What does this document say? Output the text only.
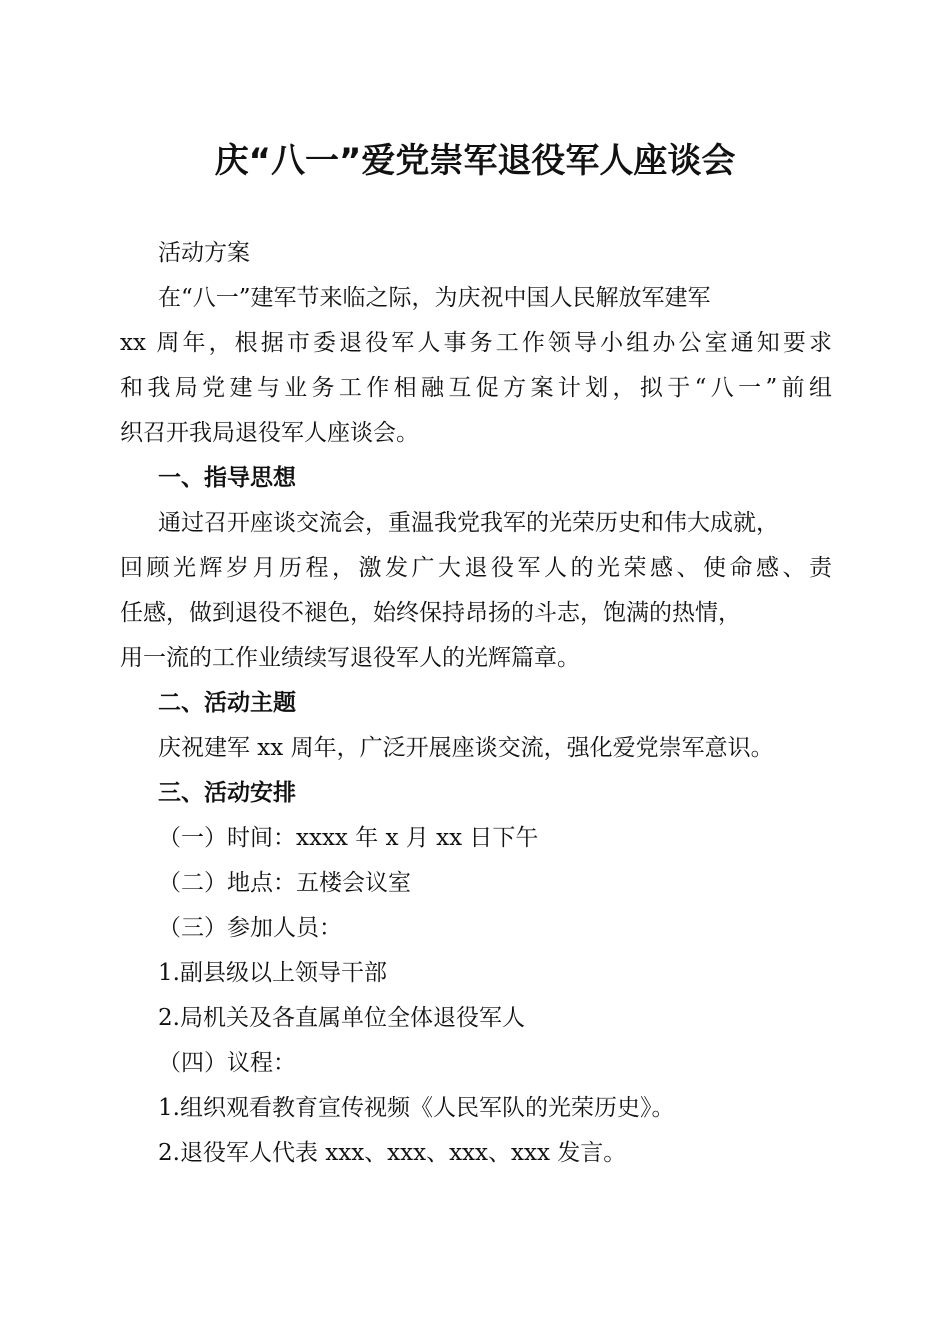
庆“八一”爱党崇军退役军人座谈会
活动方案
在“八一”建军节来临之际，为庆祝中国人民解放军建军
xx 周年，根据市委退役军人事务工作领导小组办公室通知要求
和我局党建与业务工作相融互促方案计划，拟于“八一”前组
织召开我局退役军人座谈会。
一、指导思想
通过召开座谈交流会，重温我党我军的光荣历史和伟大成就，
回顾光辉岁月历程，激发广大退役军人的光荣感、使命感、责
任感，做到退役不褪色，始终保持昂扬的斗志，饱满的热情，
用一流的工作业绩续写退役军人的光辉篇章。
二、活动主题
庆祝建军 xx 周年，广泛开展座谈交流，强化爱党崇军意识。
三、活动安排
（一）时间：xxxx 年 x 月 xx 日下午
（二）地点：五楼会议室
（三）参加人员：
1.副县级以上领导干部
2.局机关及各直属单位全体退役军人
（四）议程：
1.组织观看教育宣传视频《人民军队的光荣历史》。
2.退役军人代表 xxx、xxx、xxx、xxx 发言。
